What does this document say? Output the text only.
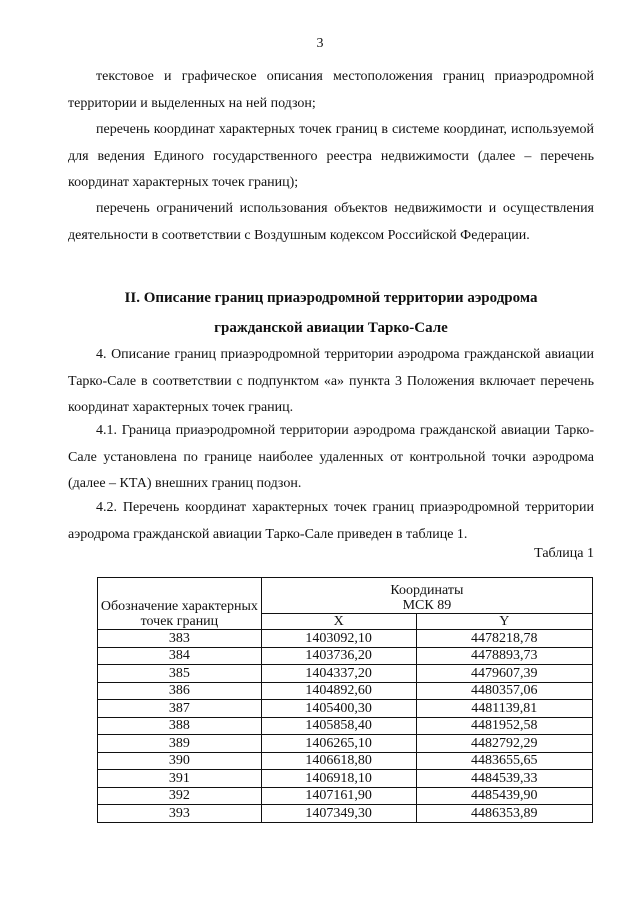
3

текстовое и графическое описания местоположения границ приаэродромной территории и выделенных на ней подзон;

перечень координат характерных точек границ в системе координат, используемой для ведения Единого государственного реестра недвижимости (далее – перечень координат характерных точек границ);

перечень ограничений использования объектов недвижимости и осуществления деятельности в соответствии с Воздушным кодексом Российской Федерации.

II. Описание границ приаэродромной территории аэродрома
гражданской авиации Тарко-Сале

4. Описание границ приаэродромной территории аэродрома гражданской авиации Тарко-Сале в соответствии с подпунктом «а» пункта 3 Положения включает перечень координат характерных точек границ.

4.1. Граница приаэродромной территории аэродрома гражданской авиации Тарко-Сале установлена по границе наиболее удаленных от контрольной точки аэродрома (далее – КТА) внешних границ подзон.

4.2. Перечень координат характерных точек границ приаэродромной территории аэродрома гражданской авиации Тарко-Сале приведен в таблице 1.

Таблица 1
Обозначение характерных точек границ	Координаты
МСК 89	

	X	Y
383	1403092,10	4478218,78
384	1403736,20	4478893,73
385	1404337,20	4479607,39
386	1404892,60	4480357,06
387	1405400,30	4481139,81
388	1405858,40	4481952,58
389	1406265,10	4482792,29
390	1406618,80	4483655,65
391	1406918,10	4484539,33
392	1407161,90	4485439,90
393	1407349,30	4486353,89
